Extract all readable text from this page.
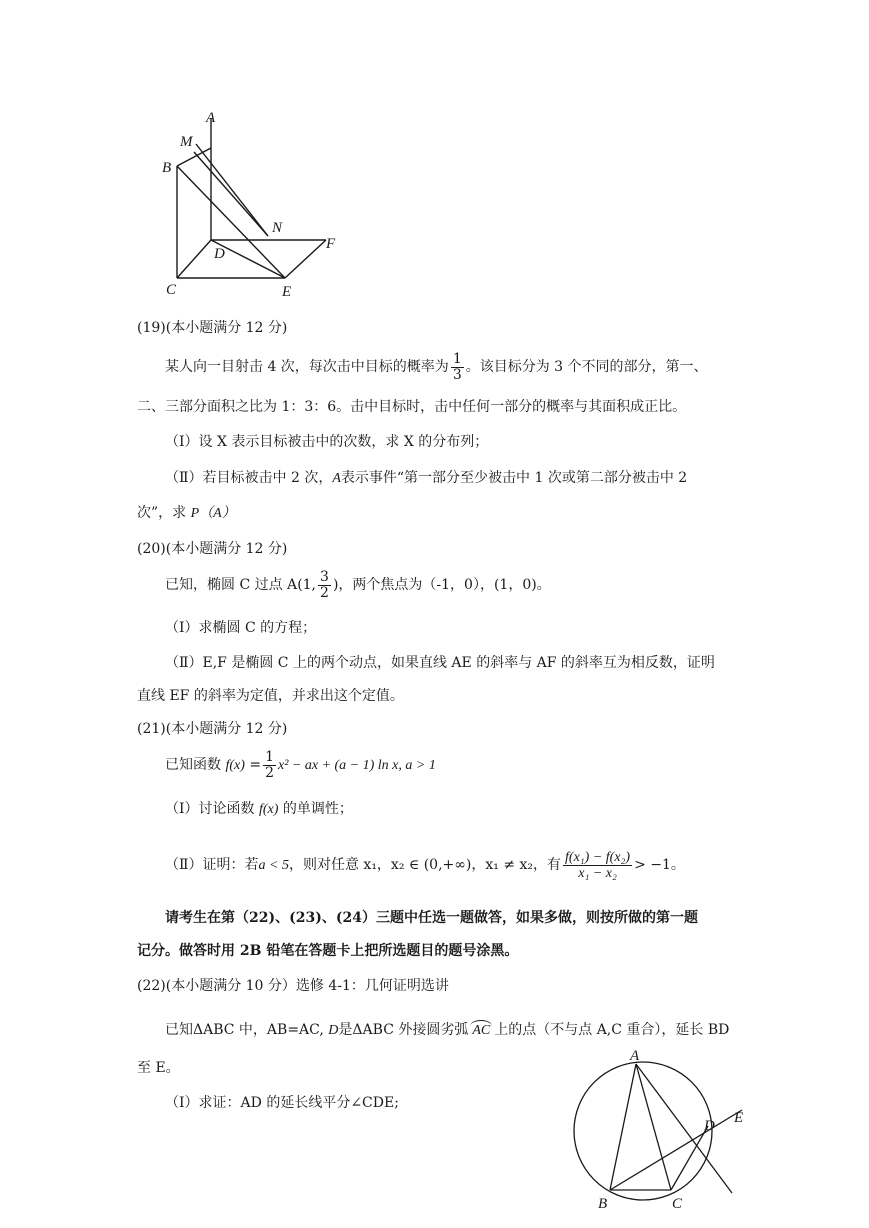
A
M
B
N
D
F
C	E
(19)(本小题满分 12 分)
某人向一目射击 4 次，每次击中目标的概率为 $\frac{1}{3}$ 。该目标分为 3 个不同的部分，第一、
二、三部分面积之比为 1：3：6。击中目标时，击中任何一部分的概率与其面积成正比。
（Ⅰ）设 X 表示目标被击中的次数，求 X 的分布列；
（Ⅱ）若目标被击中 2 次，A表示事件“第一部分至少被击中 1 次或第二部分被击中 2
次”，求 P（A）
(20)(本小题满分 12 分)
已知，椭圆 C 过点 A(1, $\frac{3}{2}$ )，两个焦点为（-1，0），(1，0)。
（Ⅰ）求椭圆 C 的方程；
（Ⅱ）E,F 是椭圆 C 上的两个动点，如果直线 AE 的斜率与 AF 的斜率互为相反数，证明
直线 EF 的斜率为定值，并求出这个定值。
(21)(本小题满分 12 分)
已知函数 $f(x) = \frac{1}{2} x^2$ − ax + (a − 1) ln x, a > 1
（Ⅰ）讨论函数 f(x) 的单调性；
（Ⅱ）证明：若a < 5，则对任意 x₁，x₂ ∈ (0,+∞)，x₁ ≠ x₂，有 $\frac{\text{f(x₁) − f(x₂)}}{\text{x₁ − x₂}} > -1$。
请考生在第（22)、(23)、(24）三题中任选一题做答，如果多做，则按所做的第一题
记分。做答时用 2B 铅笔在答题卡上把所选题目的题号涂黑。
(22)(本小题满分 10 分）选修 4-1：几何证明选讲
已知ΔABC 中，AB=AC, D是ΔABC 外接圆劣弧 AC 上的点（不与点 A,C 重合），延长 BD
至 E。
（Ⅰ）求证：AD 的延长线平分∠CDE;
A
D E
B	C
